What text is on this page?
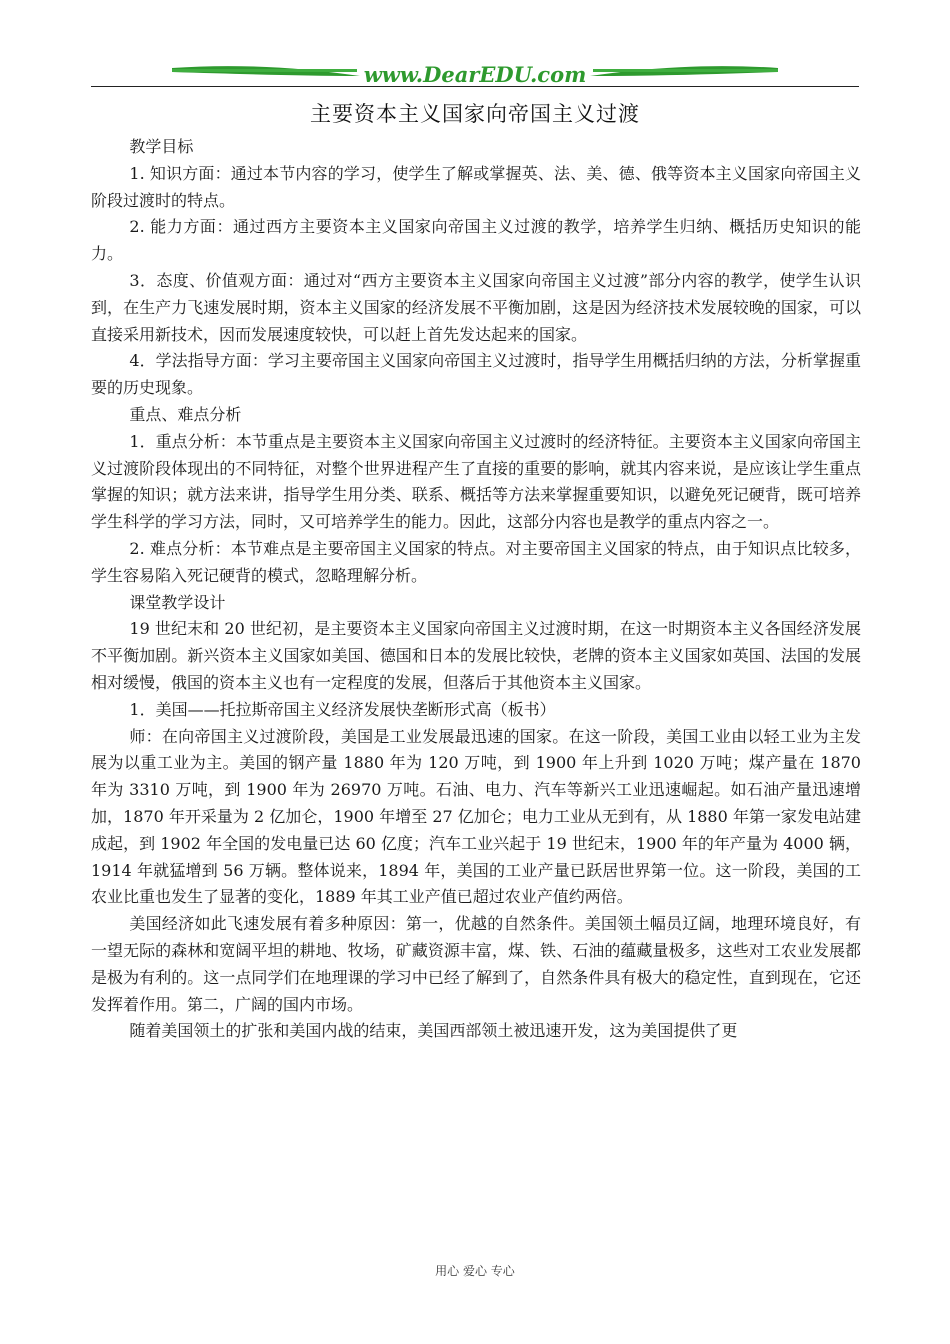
www.DearEDU.com
主要资本主义国家向帝国主义过渡

教学目标

1. 知识方面：通过本节内容的学习，使学生了解或掌握英、法、美、德、俄等资本主义国家向帝国主义阶段过渡时的特点。

2. 能力方面：通过西方主要资本主义国家向帝国主义过渡的教学，培养学生归纳、概括历史知识的能力。

3．态度、价值观方面：通过对“西方主要资本主义国家向帝国主义过渡”部分内容的教学，使学生认识到，在生产力飞速发展时期，资本主义国家的经济发展不平衡加剧，这是因为经济技术发展较晚的国家，可以直接采用新技术，因而发展速度较快，可以赶上首先发达起来的国家。

4．学法指导方面：学习主要帝国主义国家向帝国主义过渡时，指导学生用概括归纳的方法，分析掌握重要的历史现象。

重点、难点分析

1．重点分析：本节重点是主要资本主义国家向帝国主义过渡时的经济特征。主要资本主义国家向帝国主义过渡阶段体现出的不同特征，对整个世界进程产生了直接的重要的影响，就其内容来说，是应该让学生重点掌握的知识；就方法来讲，指导学生用分类、联系、概括等方法来掌握重要知识，以避免死记硬背，既可培养学生科学的学习方法，同时，又可培养学生的能力。因此，这部分内容也是教学的重点内容之一。

2. 难点分析：本节难点是主要帝国主义国家的特点。对主要帝国主义国家的特点，由于知识点比较多，学生容易陷入死记硬背的模式，忽略理解分析。

课堂教学设计

19 世纪末和 20 世纪初，是主要资本主义国家向帝国主义过渡时期，在这一时期资本主义各国经济发展不平衡加剧。新兴资本主义国家如美国、德国和日本的发展比较快，老牌的资本主义国家如英国、法国的发展相对缓慢，俄国的资本主义也有一定程度的发展，但落后于其他资本主义国家。

1．美国——托拉斯帝国主义经济发展快垄断形式高（板书）

师：在向帝国主义过渡阶段，美国是工业发展最迅速的国家。在这一阶段，美国工业由以轻工业为主发展为以重工业为主。美国的钢产量 1880 年为 120 万吨，到 1900 年上升到 1020 万吨；煤产量在 1870 年为 3310 万吨，到 1900 年为 26970 万吨。石油、电力、汽车等新兴工业迅速崛起。如石油产量迅速增加，1870 年开采量为 2 亿加仑，1900 年增至 27 亿加仑；电力工业从无到有，从 1880 年第一家发电站建成起，到 1902 年全国的发电量已达 60 亿度；汽车工业兴起于 19 世纪末，1900 年的年产量为 4000 辆，1914 年就猛增到 56 万辆。整体说来，1894 年，美国的工业产量已跃居世界第一位。这一阶段，美国的工农业比重也发生了显著的变化，1889 年其工业产值已超过农业产值约两倍。

美国经济如此飞速发展有着多种原因：第一，优越的自然条件。美国领土幅员辽阔，地理环境良好，有一望无际的森林和宽阔平坦的耕地、牧场，矿藏资源丰富，煤、铁、石油的蕴藏量极多，这些对工农业发展都是极为有利的。这一点同学们在地理课的学习中已经了解到了，自然条件具有极大的稳定性，直到现在，它还发挥着作用。第二，广阔的国内市场。

随着美国领土的扩张和美国内战的结束，美国西部领土被迅速开发，这为美国提供了更

用心 爱心 专心
